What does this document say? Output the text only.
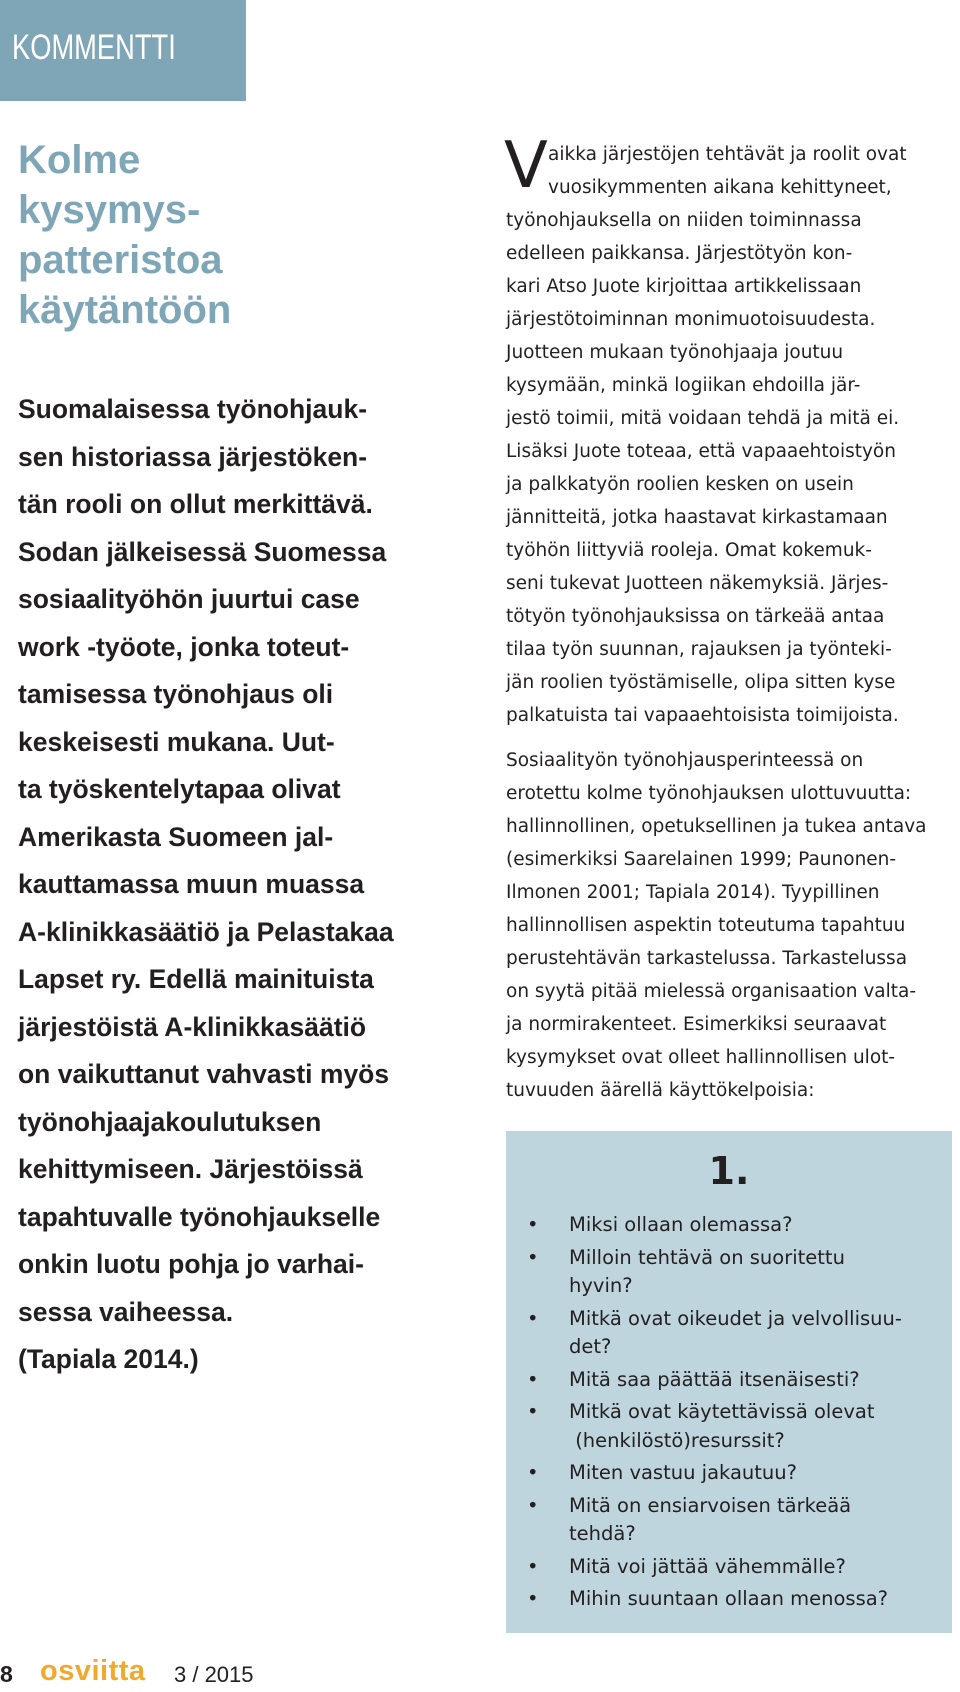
KOMMENTTI
Kolme
kysymys-
patteristoa
käytäntöön
Suomalaisessa työnohjauk-
sen historiassa järjestöken-
tän rooli on ollut merkittävä.
Sodan jälkeisessä Suomessa
sosiaalityöhön juurtui case
work -työote, jonka toteut-
tamisessa työnohjaus oli
keskeisesti mukana. Uut-
ta työskentelytapaa olivat
Amerikasta Suomeen jal-
kauttamassa muun muassa
A-klinikkasäätiö ja Pelastakaa
Lapset ry. Edellä mainituista
järjestöistä A-klinikkasäätiö
on vaikuttanut vahvasti myös
työnohjaajakoulutuksen
kehittymiseen. Järjestöissä
tapahtuvalle työnohjaukselle
onkin luotu pohja jo varhai-
sessa vaiheessa.
(Tapiala 2014.)
V aikka järjestöjen tehtävät ja roolit ovat
vuosikymmenten aikana kehittyneet,
työnohjauksella on niiden toiminnassa
edelleen paikkansa. Järjestötyön kon-
kari Atso Juote kirjoittaa artikkelissaan
järjestötoiminnan monimuotoisuudesta.
Juotteen mukaan työnohjaaja joutuu
kysymään, minkä logiikan ehdoilla jär-
jestö toimii, mitä voidaan tehdä ja mitä ei.
Lisäksi Juote toteaa, että vapaaehtoistyön
ja palkkatyön roolien kesken on usein
jännitteitä, jotka haastavat kirkastamaan
työhön liittyviä rooleja. Omat kokemuk-
seni tukevat Juotteen näkemyksiä. Järjes-
tötyön työnohjauksissa on tärkeää antaa
tilaa työn suunnan, rajauksen ja työnteki-
jän roolien työstämiselle, olipa sitten kyse
palkatuista tai vapaaehtoisista toimijoista.
Sosiaalityön työnohjausperinteessä on
erotettu kolme työnohjauksen ulottuvuutta:
hallinnollinen, opetuksellinen ja tukea antava
(esimerkiksi Saarelainen 1999; Paunonen-
Ilmonen 2001; Tapiala 2014). Tyypillinen
hallinnollisen aspektin toteutuma tapahtuu
perustehtävän tarkastelussa. Tarkastelussa
on syytä pitää mielessä organisaation valta-
ja normirakenteet. Esimerkiksi seuraavat
kysymykset ovat olleet hallinnollisen ulot-
tuvuuden äärellä käyttökelpoisia:
1.
• Miksi ollaan olemassa?
• Milloin tehtävä on suoritettu
hyvin?
• Mitkä ovat oikeudet ja velvollisuu-
det?
• Mitä saa päättää itsenäisesti?
• Mitkä ovat käytettävissä olevat
(henkilöstö)resurssit?
• Miten vastuu jakautuu?
• Mitä on ensiarvoisen tärkeää
tehdä?
• Mitä voi jättää vähemmälle?
• Mihin suuntaan ollaan menossa?
8 osviitta 3 / 2015
